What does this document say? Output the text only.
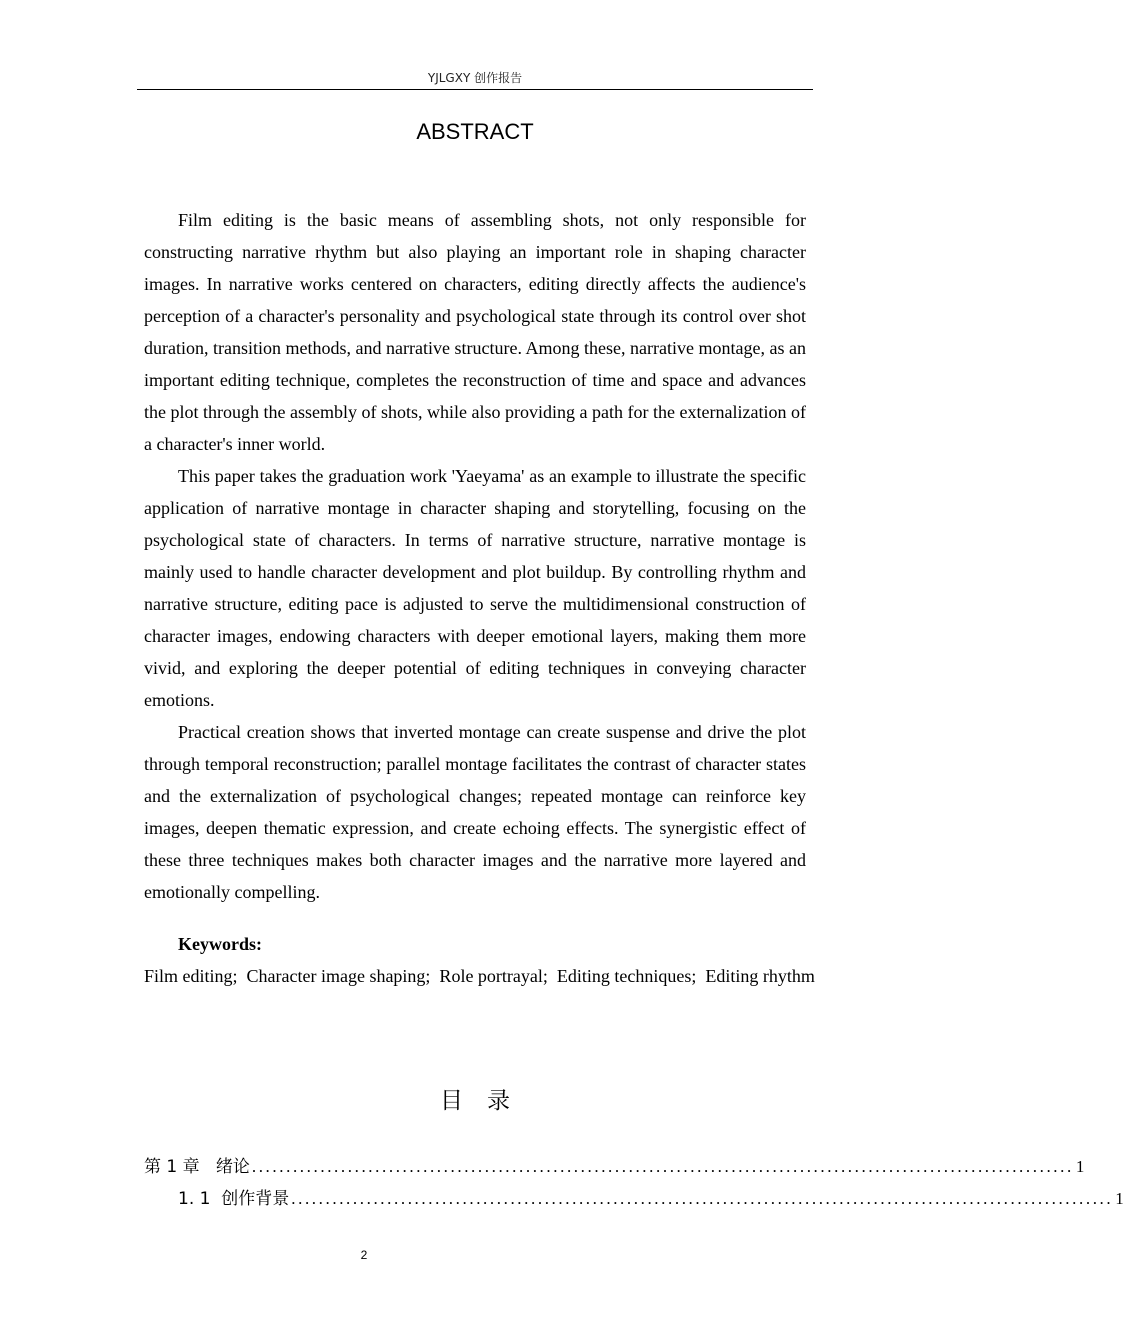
YJLGXY 创作报告
ABSTRACT

Film editing is the basic means of assembling shots, not only responsible for constructing narrative rhythm but also playing an important role in shaping character images. In narrative works centered on characters, editing directly affects the audience's perception of a character's personality and psychological state through its control over shot duration, transition methods, and narrative structure. Among these, narrative montage, as an important editing technique, completes the reconstruction of time and space and advances the plot through the assembly of shots, while also providing a path for the externalization of a character's inner world.

This paper takes the graduation work 'Yaeyama' as an example to illustrate the specific application of narrative montage in character shaping and storytelling, focusing on the psychological state of characters. In terms of narrative structure, narrative montage is mainly used to handle character development and plot buildup. By controlling rhythm and narrative structure, editing pace is adjusted to serve the multidimensional construction of character images, endowing characters with deeper emotional layers, making them more vivid, and exploring the deeper potential of editing techniques in conveying character emotions.

Practical creation shows that inverted montage can create suspense and drive the plot through temporal reconstruction; parallel montage facilitates the contrast of character states and the externalization of psychological changes; repeated montage can reinforce key images, deepen thematic expression, and create echoing effects. The synergistic effect of these three techniques makes both character images and the narrative more layered and emotionally compelling.

Keywords: Film editing;  Character image shaping;  Role portrayal;  Editing techniques;  Editing rhythm
目录
第 1 章   绪论 ........................................................................................................................ 1
1. 1  创作背景 ........................................................................................................................ 1
2
